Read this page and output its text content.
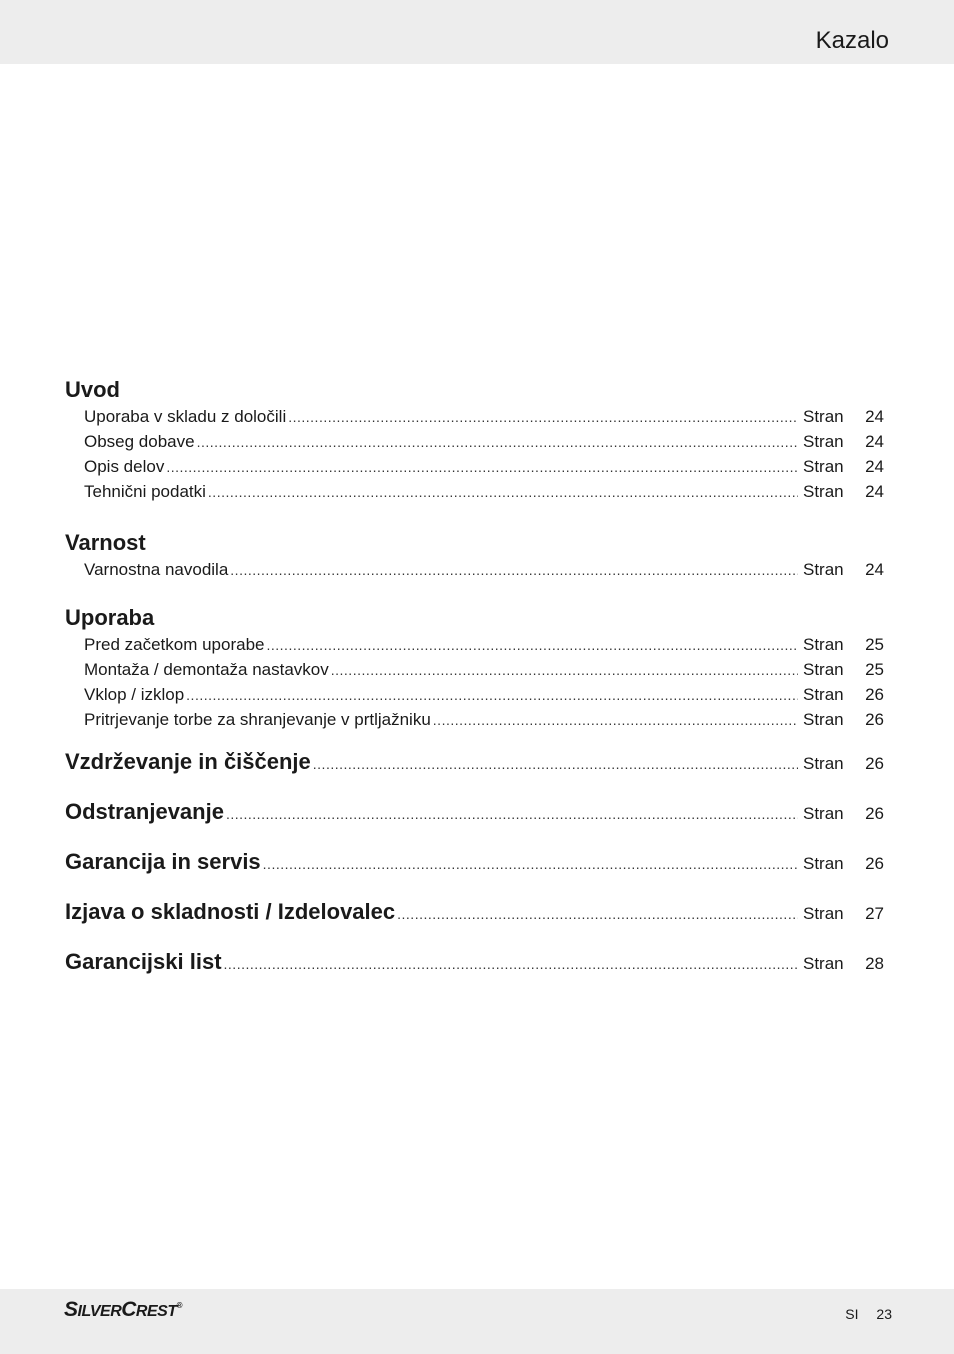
Kazalo
Uvod
Uporaba v skladu z določili .....	Stran 24
Obseg dobave .....	Stran 24
Opis delov .....	Stran 24
Tehnični podatki .....	Stran 24
Varnost
Varnostna navodila .....	Stran 24
Uporaba
Pred začetkom uporabe .....	Stran 25
Montaža / demontaža nastavkov .....	Stran 25
Vklop / izklop .....	Stran 26
Pritrjevanje torbe za shranjevanje v prtljažniku .....	Stran 26
Vzdrževanje in čiščenje .....	Stran 26
Odstranjevanje .....	Stran 26
Garancija in servis .....	Stran 26
Izjava o skladnosti / Izdelovalec .....	Stran 27
Garancijski list .....	Stran 28
SILVERCREST®
SI 23
